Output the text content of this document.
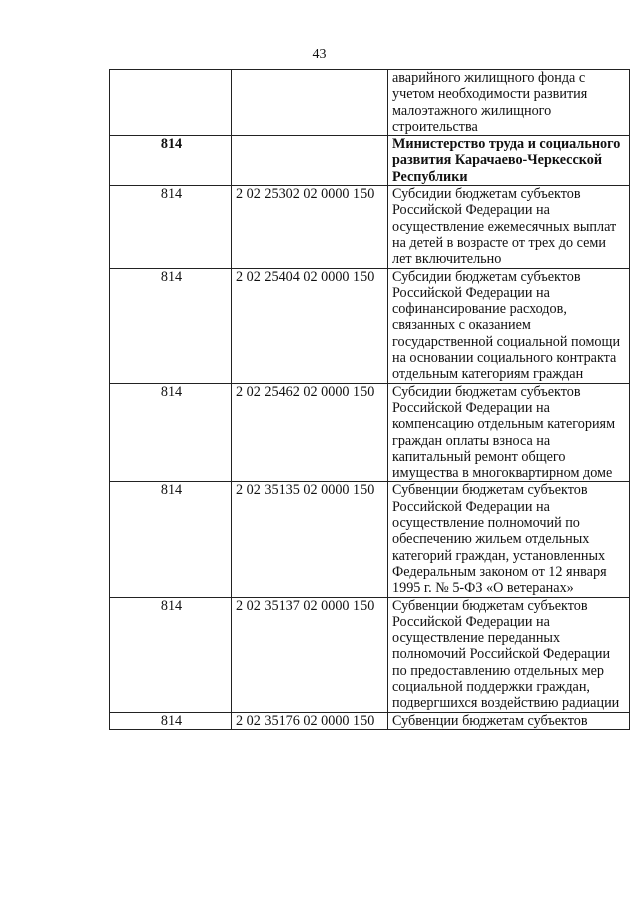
43
		аварийного жилищного фонда с учетом необходимости развития малоэтажного жилищного строительства
814		Министерство труда и социального развития Карачаево-Черкесской Республики
814	2 02 25302 02 0000 150	Субсидии бюджетам субъектов Российской Федерации на осуществление ежемесячных выплат на детей в возрасте от трех до семи лет включительно
814	2 02 25404 02 0000 150	Субсидии бюджетам субъектов Российской Федерации на софинансирование расходов, связанных с оказанием государственной социальной помощи на основании социального контракта отдельным категориям граждан
814	2 02 25462 02 0000 150	Субсидии бюджетам субъектов Российской Федерации на компенсацию отдельным категориям граждан оплаты взноса на капитальный ремонт общего имущества в многоквартирном доме
814	2 02 35135 02 0000 150	Субвенции бюджетам субъектов Российской Федерации на осуществление полномочий по обеспечению жильем отдельных категорий граждан, установленных Федеральным законом от 12 января 1995 г. № 5-ФЗ «О ветеранах»
814	2 02 35137 02 0000 150	Субвенции бюджетам субъектов Российской Федерации на осуществление переданных полномочий Российской Федерации по предоставлению отдельных мер социальной поддержки граждан, подвергшихся воздействию радиации
814	2 02 35176 02 0000 150	Субвенции бюджетам субъектов
